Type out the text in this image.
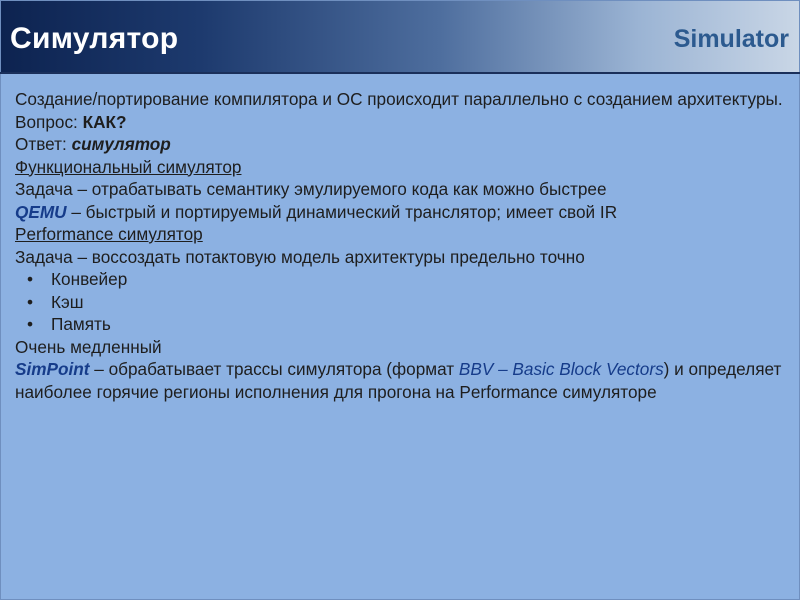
Симулятор	Simulator
Создание/портирование компилятора и ОС происходит параллельно с созданием архитектуры. Вопрос: КАК?
Ответ: симулятор
Функциональный симулятор
Задача – отрабатывать семантику эмулируемого кода как можно быстрее
QEMU – быстрый и портируемый динамический транслятор; имеет свой IR
Performance симулятор
Задача – воссоздать потактовую модель архитектуры предельно точно
• Конвейер
• Кэш
• Память
Очень медленный
SimPoint – обрабатывает трассы симулятора (формат BBV – Basic Block Vectors) и определяет наиболее горячие регионы исполнения для прогона на Performance симуляторе
